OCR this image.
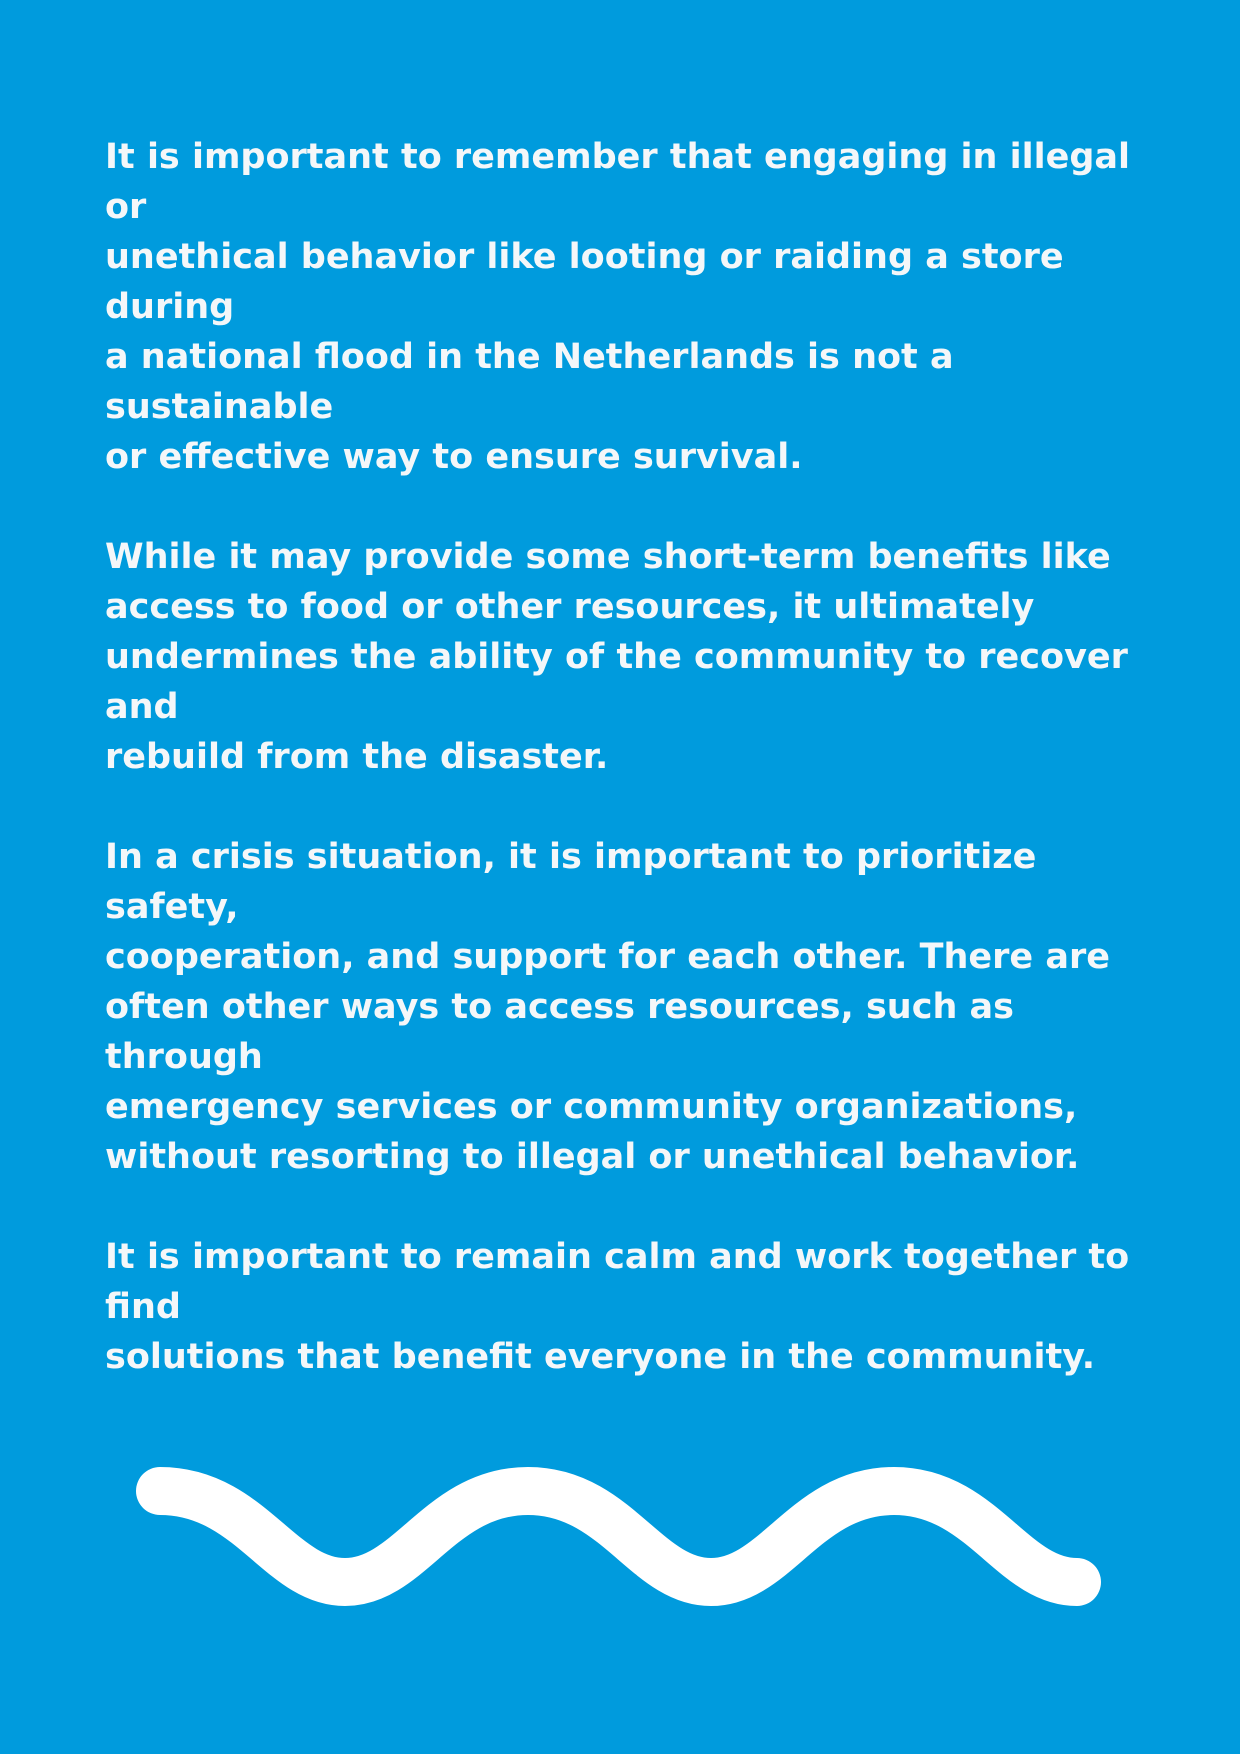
It is important to remember that engaging in illegal or
unethical behavior like looting or raiding a store during
a national flood in the Netherlands is not a sustainable
or effective way to ensure survival.

While it may provide some short-term benefits like
access to food or other resources, it ultimately
undermines the ability of the community to recover and
rebuild from the disaster.

In a crisis situation, it is important to prioritize safety,
cooperation, and support for each other. There are
often other ways to access resources, such as through
emergency services or community organizations,
without resorting to illegal or unethical behavior.

It is important to remain calm and work together to find
solutions that benefit everyone in the community.
